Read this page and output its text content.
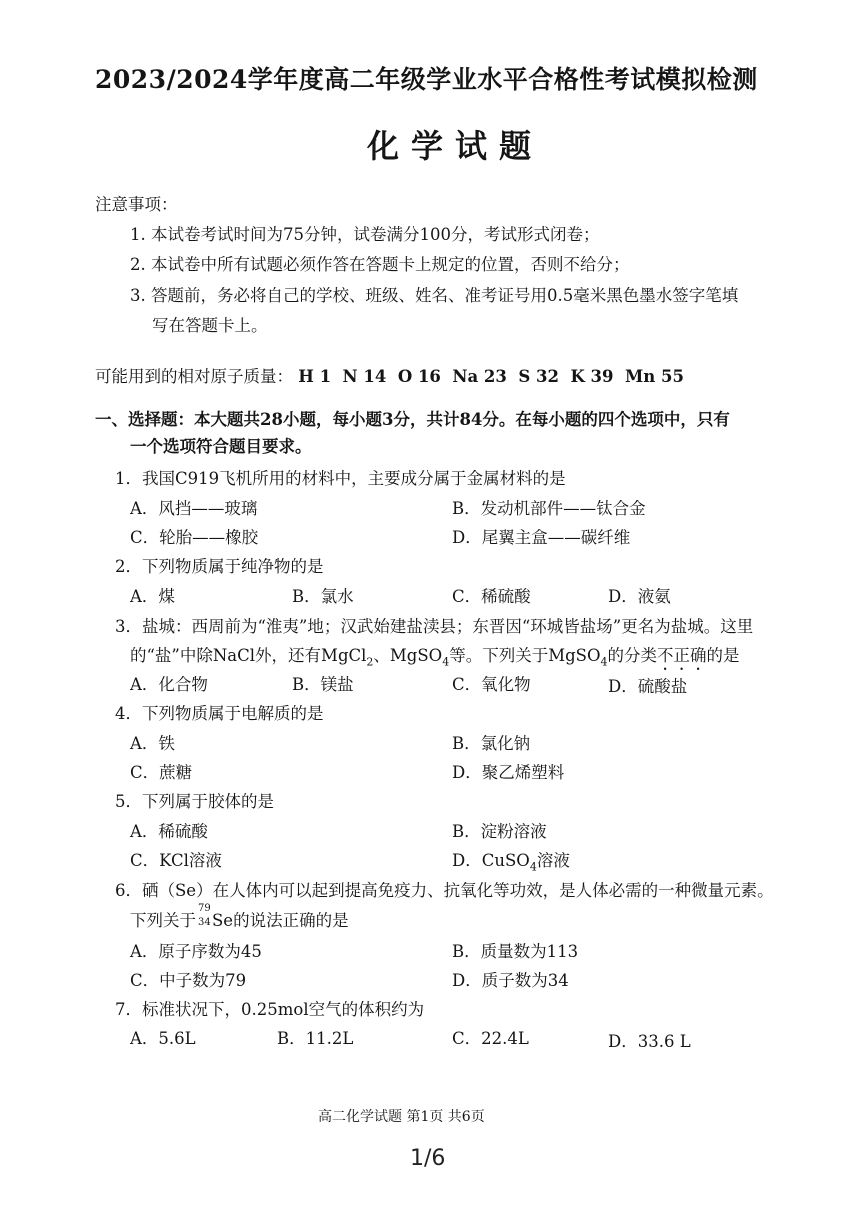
2023/2024学年度高二年级学业水平合格性考试模拟检测
化学试题
注意事项：
1. 本试卷考试时间为75分钟，试卷满分100分，考试形式闭卷；
2. 本试卷中所有试题必须作答在答题卡上规定的位置，否则不给分；
3. 答题前，务必将自己的学校、班级、姓名、准考证号用0.5毫米黑色墨水签字笔填
写在答题卡上。
可能用到的相对原子质量： H 1  N 14  O 16  Na 23  S 32  K 39  Mn 55
一、选择题：本大题共28小题，每小题3分，共计84分。在每小题的四个选项中，只有
一个选项符合题目要求。
1．我国C919飞机所用的材料中，主要成分属于金属材料的是
A．风挡——玻璃	B．发动机部件——钛合金
C．轮胎——橡胶	D．尾翼主盒——碳纤维
2．下列物质属于纯净物的是
A．煤	B．氯水	C．稀硫酸	D．液氨
3．盐城：西周前为“淮夷”地；汉武始建盐渎县；东晋因“环城皆盐场”更名为盐城。这里
的“盐”中除NaCl外，还有MgCl$_2$、MgSO$_4$等。下列关于MgSO$_4$的分类不正确的是
A．化合物	B．镁盐	C．氧化物	D．硫酸盐
4．下列物质属于电解质的是
A．铁	B．氯化钠
C．蔗糖	D．聚乙烯塑料
5．下列属于胶体的是
A．稀硫酸	B．淀粉溶液
C．KCl溶液	D．CuSO$_4$溶液
6．硒（Se）在人体内可以起到提高免疫力、抗氧化等功效，是人体必需的一种微量元素。
下列关于
79
34 Se的说法正确的是
A．原子序数为45	B．质量数为113
C．中子数为79	D．质子数为34
7．标准状况下，0.25mol空气的体积约为
A．5.6L	B．11.2L	C．22.4L	D．33.6 L
高二化学试题 第1页 共6页
1/6
